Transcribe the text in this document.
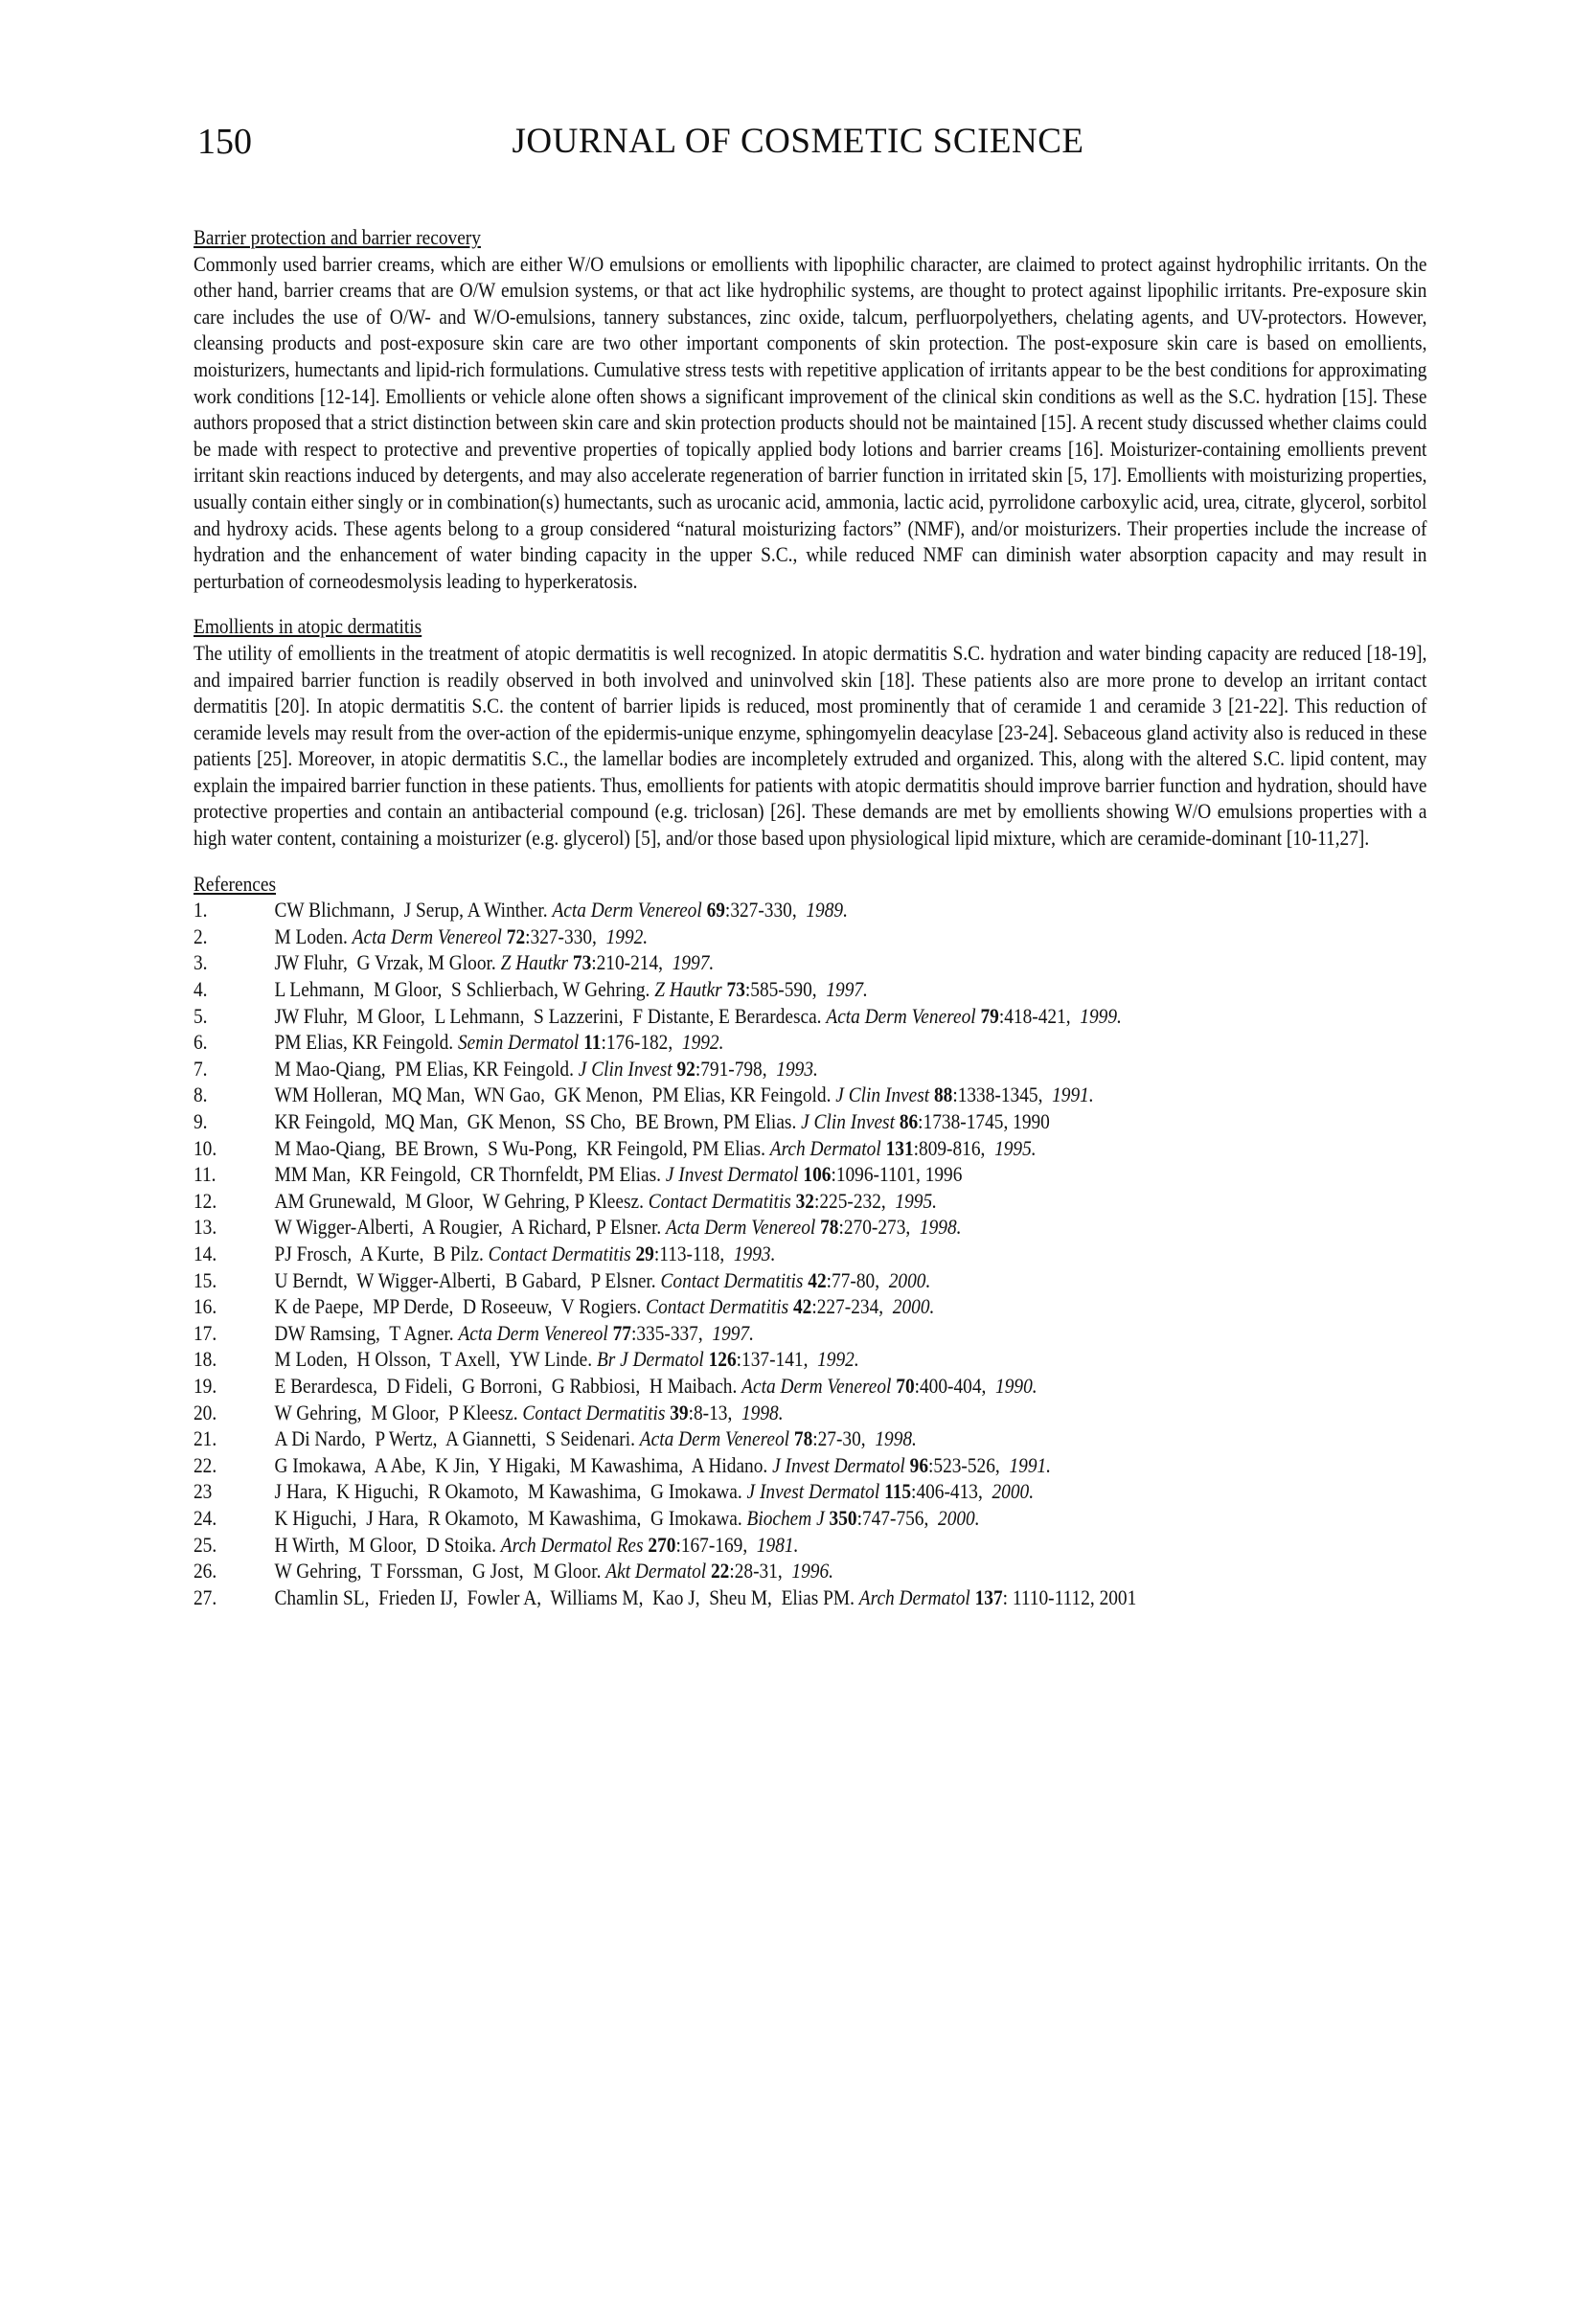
150	JOURNAL OF COSMETIC SCIENCE

Barrier protection and barrier recovery

Commonly used barrier creams, which are either W/O emulsions or emollients with lipophilic character, are claimed to protect against hydrophilic irritants. On the other hand, barrier creams that are O/W emulsion systems, or that act like hydrophilic systems, are thought to protect against lipophilic irritants. Pre-exposure skin care includes the use of O/W- and W/O-emulsions, tannery substances, zinc oxide, talcum, perfluorpolyethers, chelating agents, and UV-protectors. However, cleansing products and post-exposure skin care are two other important components of skin protection. The post-exposure skin care is based on emollients, moisturizers, humectants and lipid-rich formulations. Cumulative stress tests with repetitive application of irritants appear to be the best conditions for approximating work conditions [12-14]. Emollients or vehicle alone often shows a significant improvement of the clinical skin conditions as well as the S.C. hydration [15]. These authors proposed that a strict distinction between skin care and skin protection products should not be maintained [15]. A recent study discussed whether claims could be made with respect to protective and preventive properties of topically applied body lotions and barrier creams [16]. Moisturizer-containing emollients prevent irritant skin reactions induced by detergents, and may also accelerate regeneration of barrier function in irritated skin [5, 17]. Emollients with moisturizing properties, usually contain either singly or in combination(s) humectants, such as urocanic acid, ammonia, lactic acid, pyrrolidone carboxylic acid, urea, citrate, glycerol, sorbitol and hydroxy acids. These agents belong to a group considered “natural moisturizing factors” (NMF), and/or moisturizers. Their properties include the increase of hydration and the enhancement of water binding capacity in the upper S.C., while reduced NMF can diminish water absorption capacity and may result in perturbation of corneodesmolysis leading to hyperkeratosis.

Emollients in atopic dermatitis

The utility of emollients in the treatment of atopic dermatitis is well recognized. In atopic dermatitis S.C. hydration and water binding capacity are reduced [18-19], and impaired barrier function is readily observed in both involved and uninvolved skin [18]. These patients also are more prone to develop an irritant contact dermatitis [20]. In atopic dermatitis S.C. the content of barrier lipids is reduced, most prominently that of ceramide 1 and ceramide 3 [21-22]. This reduction of ceramide levels may result from the over-action of the epidermis-unique enzyme, sphingomyelin deacylase [23-24]. Sebaceous gland activity also is reduced in these patients [25]. Moreover, in atopic dermatitis S.C., the lamellar bodies are incompletely extruded and organized. This, along with the altered S.C. lipid content, may explain the impaired barrier function in these patients. Thus, emollients for patients with atopic dermatitis should improve barrier function and hydration, should have protective properties and contain an antibacterial compound (e.g. triclosan) [26]. These demands are met by emollients showing W/O emulsions properties with a high water content, containing a moisturizer (e.g. glycerol) [5], and/or those based upon physiological lipid mixture, which are ceramide-dominant [10-11,27].

References

1.	CW Blichmann,  J Serup, A Winther. Acta Derm Venereol 69:327-330,  1989.
2.	M Loden. Acta Derm Venereol 72:327-330,  1992.
3.	JW Fluhr,  G Vrzak, M Gloor. Z Hautkr 73:210-214,  1997.
4.	L Lehmann,  M Gloor,  S Schlierbach, W Gehring. Z Hautkr 73:585-590,  1997.
5.	JW Fluhr,  M Gloor,  L Lehmann,  S Lazzerini,  F Distante, E Berardesca. Acta Derm Venereol 79:418-421,  1999.
6.	PM Elias, KR Feingold. Semin Dermatol 11:176-182,  1992.
7.	M Mao-Qiang,  PM Elias, KR Feingold. J Clin Invest 92:791-798,  1993.
8.	WM Holleran,  MQ Man,  WN Gao,  GK Menon,  PM Elias, KR Feingold. J Clin Invest 88:1338-1345,  1991.
9.	KR Feingold,  MQ Man,  GK Menon,  SS Cho,  BE Brown, PM Elias. J Clin Invest 86:1738-1745, 1990
10.	M Mao-Qiang,  BE Brown,  S Wu-Pong,  KR Feingold, PM Elias. Arch Dermatol 131:809-816,  1995.
11.	MM Man,  KR Feingold,  CR Thornfeldt, PM Elias. J Invest Dermatol 106:1096-1101, 1996
12.	AM Grunewald,  M Gloor,  W Gehring, P Kleesz. Contact Dermatitis 32:225-232,  1995.
13.	W Wigger-Alberti,  A Rougier,  A Richard, P Elsner. Acta Derm Venereol 78:270-273,  1998.
14.	PJ Frosch,  A Kurte,  B Pilz. Contact Dermatitis 29:113-118,  1993.
15.	U Berndt,  W Wigger-Alberti,  B Gabard,  P Elsner. Contact Dermatitis 42:77-80,  2000.
16.	K de Paepe,  MP Derde,  D Roseeuw,  V Rogiers. Contact Dermatitis 42:227-234,  2000.
17.	DW Ramsing,  T Agner. Acta Derm Venereol 77:335-337,  1997.
18.	M Loden,  H Olsson,  T Axell,  YW Linde. Br J Dermatol 126:137-141,  1992.
19.	E Berardesca,  D Fideli,  G Borroni,  G Rabbiosi,  H Maibach. Acta Derm Venereol 70:400-404,  1990.
20.	W Gehring,  M Gloor,  P Kleesz. Contact Dermatitis 39:8-13,  1998.
21.	A Di Nardo,  P Wertz,  A Giannetti,  S Seidenari. Acta Derm Venereol 78:27-30,  1998.
22.	G Imokawa,  A Abe,  K Jin,  Y Higaki,  M Kawashima,  A Hidano. J Invest Dermatol 96:523-526,  1991.
23	J Hara,  K Higuchi,  R Okamoto,  M Kawashima,  G Imokawa. J Invest Dermatol 115:406-413,  2000.
24.	K Higuchi,  J Hara,  R Okamoto,  M Kawashima,  G Imokawa. Biochem J 350:747-756,  2000.
25.	H Wirth,  M Gloor,  D Stoika. Arch Dermatol Res 270:167-169,  1981.
26.	W Gehring,  T Forssman,  G Jost,  M Gloor. Akt Dermatol 22:28-31,  1996.
27.	Chamlin SL,  Frieden IJ,  Fowler A,  Williams M,  Kao J,  Sheu M,  Elias PM. Arch Dermatol 137: 1110-1112, 2001
